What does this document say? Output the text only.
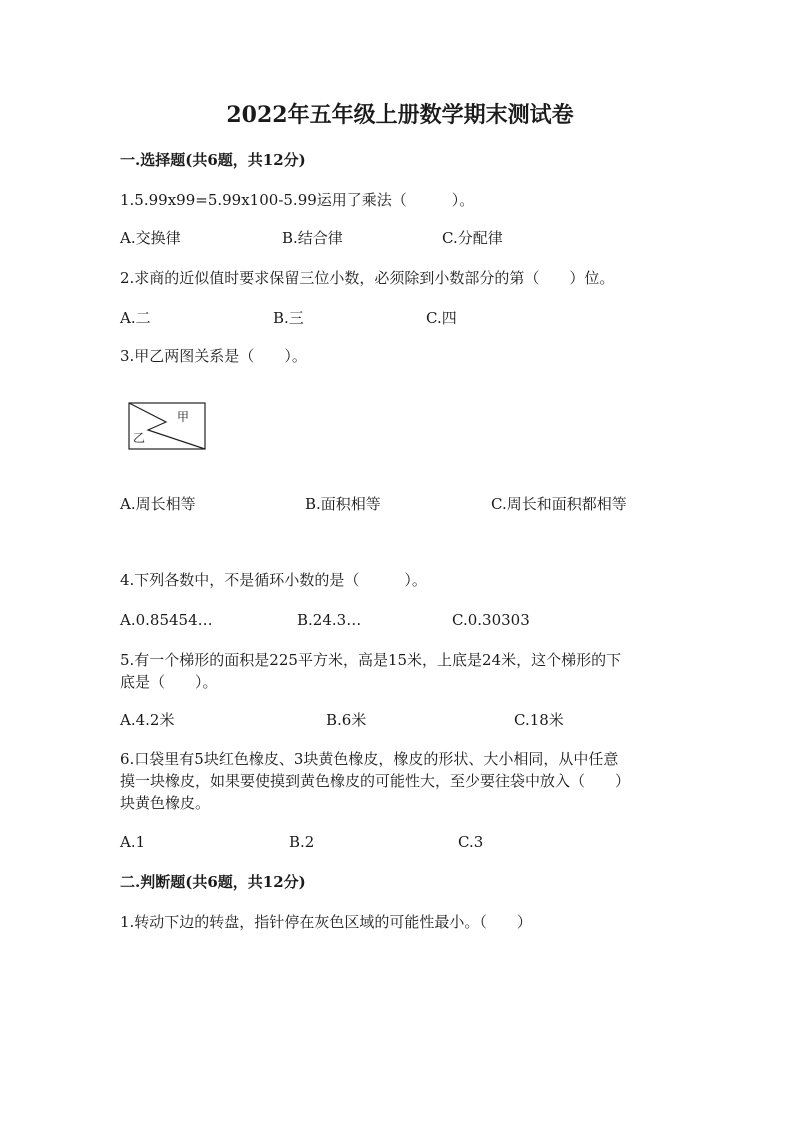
2022年五年级上册数学期末测试卷
一.选择题(共6题，共12分)
1.5.99x99=5.99x100-5.99运用了乘法（　　　）。
A.交换律	B.结合律	C.分配律
2.求商的近似值时要求保留三位小数，必须除到小数部分的第（　　）位。
A.二	B.三	C.四
3.甲乙两图关系是（　　）。
甲
乙
A.周长相等	B.面积相等	C.周长和面积都相等
4.下列各数中，不是循环小数的是（　　　）。
A.0.85454…	B.24.3…	C.0.30303
5.有一个梯形的面积是225平方米，高是15米，上底是24米，这个梯形的下
底是（　　）。
A.4.2米	B.6米	C.18米
6.口袋里有5块红色橡皮、3块黄色橡皮，橡皮的形状、大小相同，从中任意
摸一块橡皮，如果要使摸到黄色橡皮的可能性大，至少要往袋中放入（　　）
块黄色橡皮。
A.1	B.2	C.3
二.判断题(共6题，共12分)
1.转动下边的转盘，指针停在灰色区域的可能性最小。（　　）
